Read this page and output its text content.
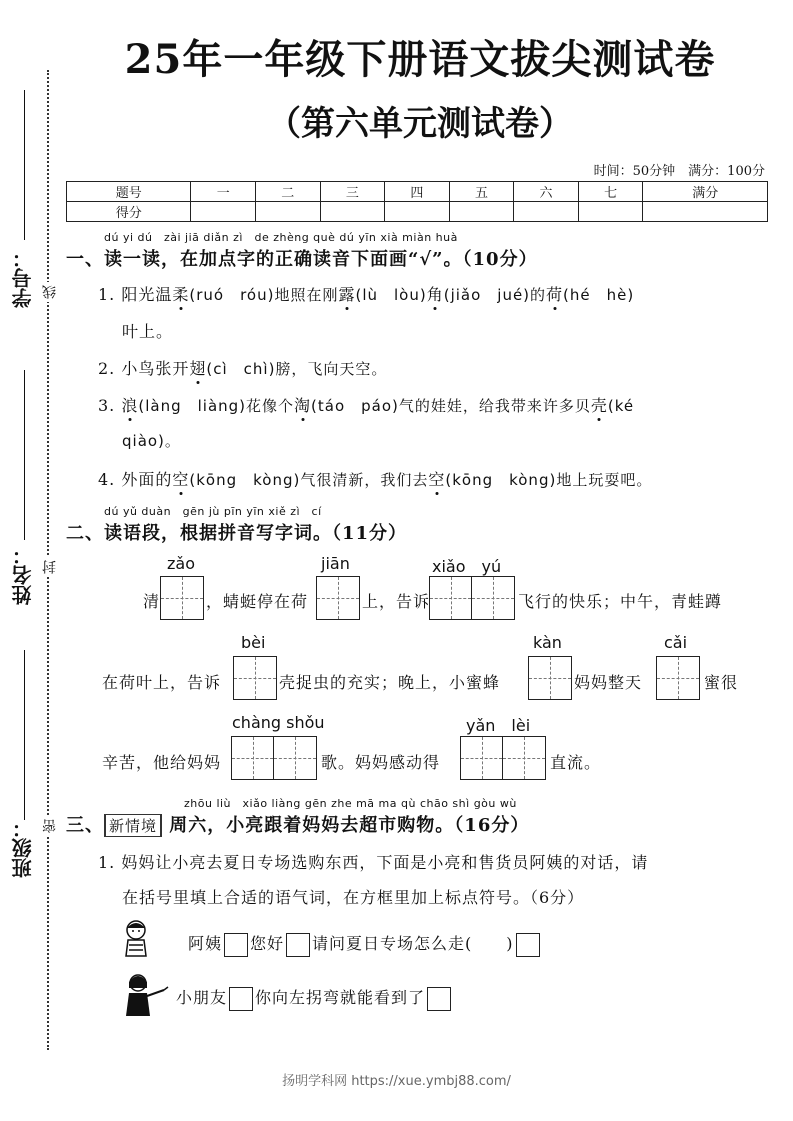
学号：
姓名：
班级：
线
封
密
25年一年级下册语文拔尖测试卷
（第六单元测试卷）
时间：50分钟　满分：100分
题号	一	二	三	四	五	六	七	满分
得分								
dú yi dú　zài jiā diǎn zì　de zhèng què dú yīn xià miàn huà
一、读一读，在加点字的正确读音下面画“√”。（10分）
1. 阳光温柔(ruó　róu)地照在刚露(lù　lòu)角(jiǎo　jué)的荷(hé　hè)
叶上。
2. 小鸟张开翅(cì　chì)膀，飞向天空。
3. 浪(làng　liàng)花像个淘(táo　páo)气的娃娃，给我带来许多贝壳(ké
qiào)。
4. 外面的空(kōng　kòng)气很清新，我们去空(kōng　kòng)地上玩耍吧。
dú yǔ duàn　gēn jù pīn yīn xiě zì　cí
二、读语段，根据拼音写字词。（11分）
zǎo
清	，蜻蜓停在荷
jiān
上，告诉
xiǎo　yú
飞行的快乐；中午，青蛙蹲
在荷叶上，告诉
bèi
壳捉虫的充实；晚上，小蜜蜂
kàn
妈妈整天
cǎi
蜜很
辛苦，他给妈妈
chàng shǒu
歌。妈妈感动得
yǎn　lèi
直流。
zhōu liù　xiǎo liàng gēn zhe mā ma qù chāo shì gòu wù
三、 新情境 周六，小亮跟着妈妈去超市购物。（16分）
1. 妈妈让小亮去夏日专场选购东西，下面是小亮和售货员阿姨的对话，请
在括号里填上合适的语气词，在方框里加上标点符号。（6分）
阿姨 您好 请问夏日专场怎么走(　　)
小朋友 你向左拐弯就能看到了
扬明学科网 https://xue.ymbj88.com/
